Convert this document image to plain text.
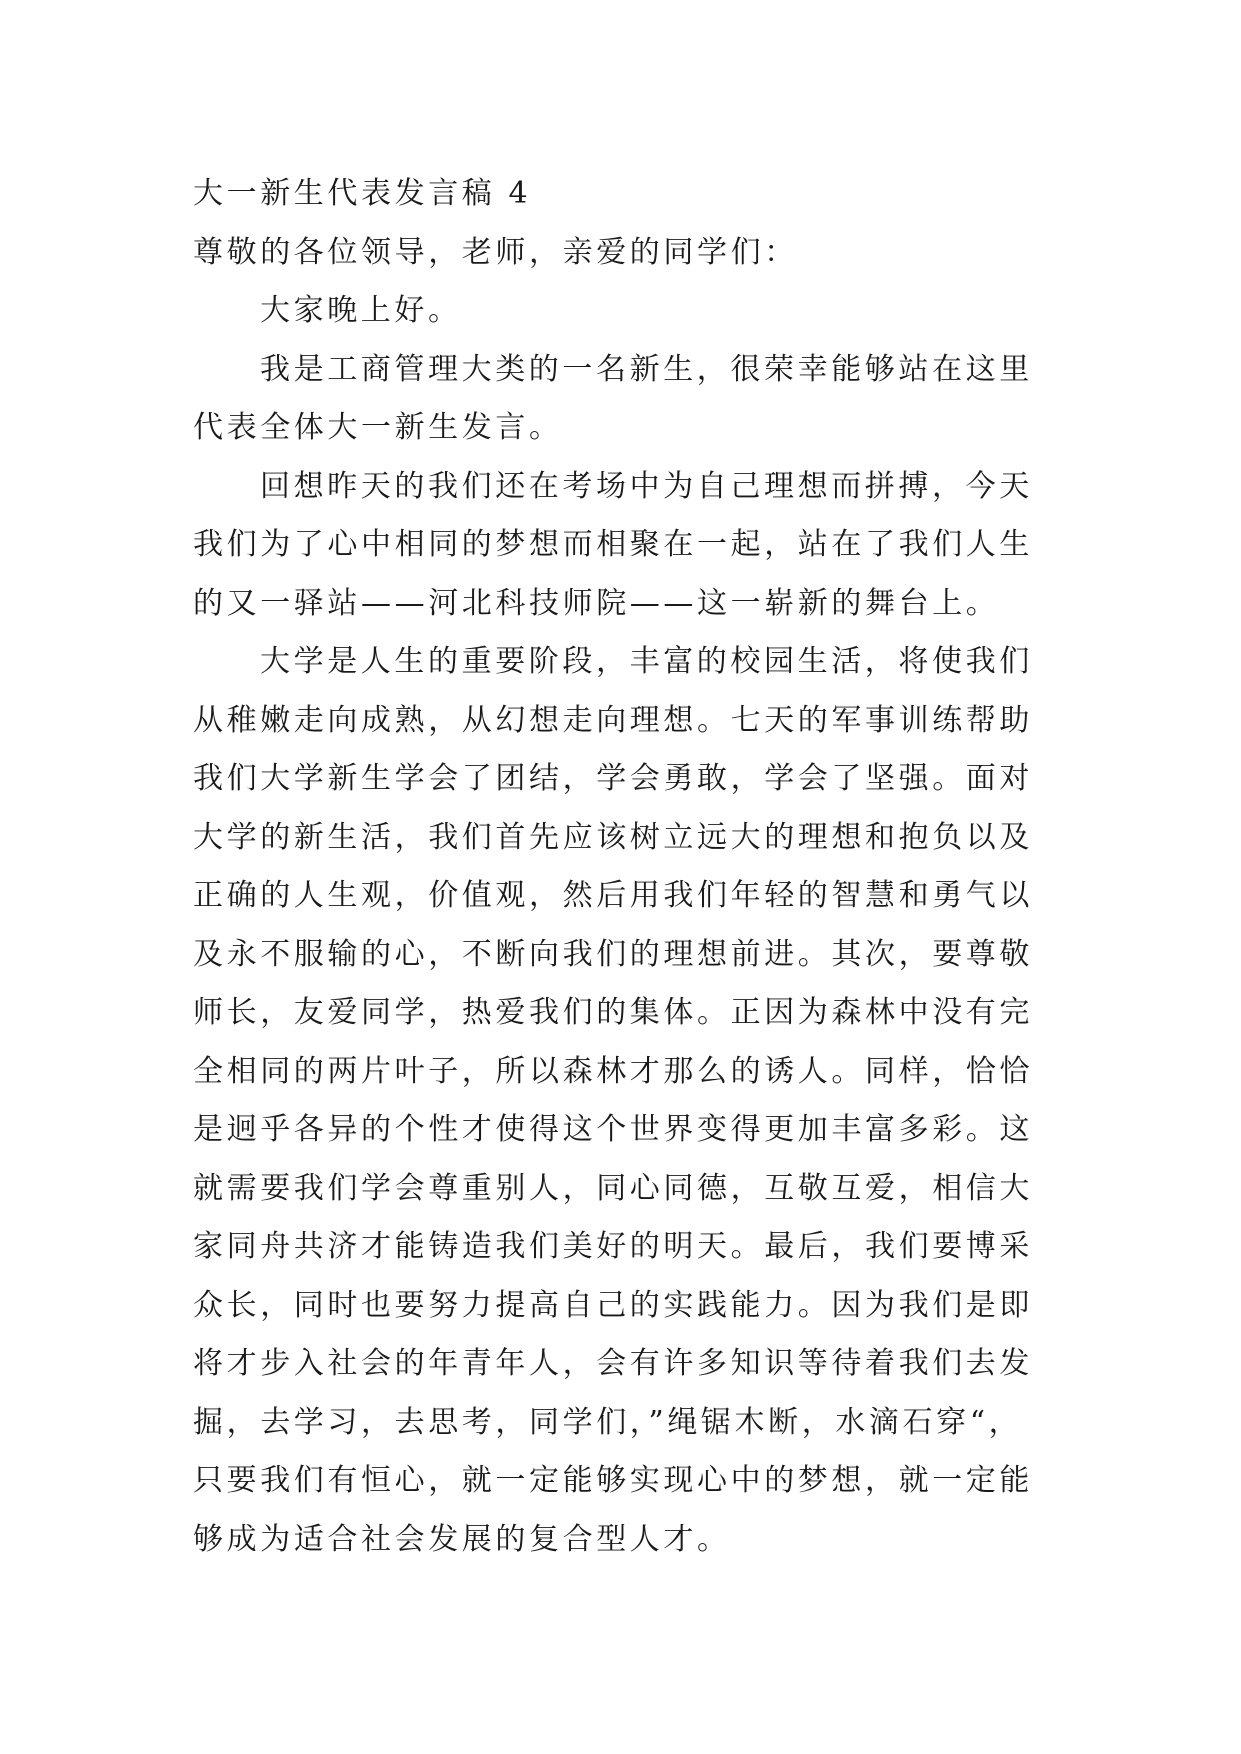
大一新生代表发言稿 4

尊敬的各位领导，老师，亲爱的同学们：

大家晚上好。

我是工商管理大类的一名新生，很荣幸能够站在这里代表全体大一新生发言。

回想昨天的我们还在考场中为自己理想而拼搏，今天我们为了心中相同的梦想而相聚在一起，站在了我们人生的又一驿站——河北科技师院——这一崭新的舞台上。

大学是人生的重要阶段，丰富的校园生活，将使我们从稚嫩走向成熟，从幻想走向理想。七天的军事训练帮助我们大学新生学会了团结，学会勇敢，学会了坚强。面对大学的新生活，我们首先应该树立远大的理想和抱负以及正确的人生观，价值观，然后用我们年轻的智慧和勇气以及永不服输的心，不断向我们的理想前进。其次，要尊敬师长，友爱同学，热爱我们的集体。正因为森林中没有完全相同的两片叶子，所以森林才那么的诱人。同样，恰恰是迥乎各异的个性才使得这个世界变得更加丰富多彩。这就需要我们学会尊重别人，同心同德，互敬互爱，相信大家同舟共济才能铸造我们美好的明天。最后，我们要博采众长，同时也要努力提高自己的实践能力。因为我们是即将才步入社会的年青年人，会有许多知识等待着我们去发掘，去学习，去思考，同学们，”绳锯木断，水滴石穿“，只要我们有恒心，就一定能够实现心中的梦想，就一定能够成为适合社会发展的复合型人才。
